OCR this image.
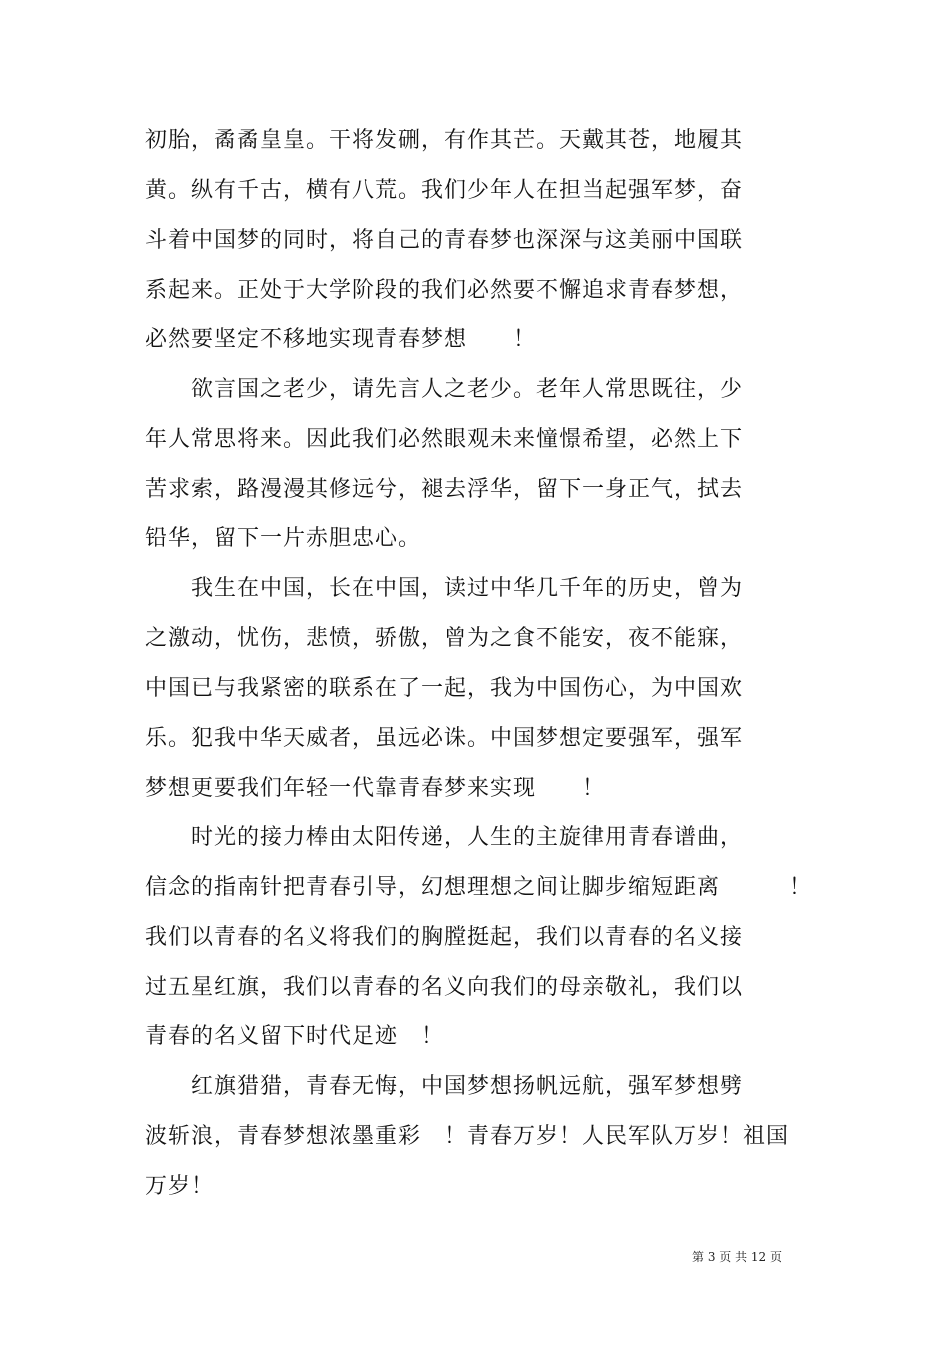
初胎，矞矞皇皇。干将发硎，有作其芒。天戴其苍，地履其
黄。纵有千古，横有八荒。我们少年人在担当起强军梦，奋
斗着中国梦的同时，将自己的青春梦也深深与这美丽中国联
系起来。正处于大学阶段的我们必然要不懈追求青春梦想，
必然要坚定不移地实现青春梦想　　！
　　欲言国之老少，请先言人之老少。老年人常思既往，少
年人常思将来。因此我们必然眼观未来憧憬希望，必然上下
苦求索，路漫漫其修远兮，褪去浮华，留下一身正气，拭去
铅华，留下一片赤胆忠心。
　　我生在中国，长在中国，读过中华几千年的历史，曾为
之激动，忧伤，悲愤，骄傲，曾为之食不能安，夜不能寐，
中国已与我紧密的联系在了一起，我为中国伤心，为中国欢
乐。犯我中华天威者，虽远必诛。中国梦想定要强军，强军
梦想更要我们年轻一代靠青春梦来实现　　！
　　时光的接力棒由太阳传递，人生的主旋律用青春谱曲，
信念的指南针把青春引导，幻想理想之间让脚步缩短距离　　　！
我们以青春的名义将我们的胸膛挺起，我们以青春的名义接
过五星红旗，我们以青春的名义向我们的母亲敬礼，我们以
青春的名义留下时代足迹　！
　　红旗猎猎，青春无悔，中国梦想扬帆远航，强军梦想劈
波斩浪，青春梦想浓墨重彩　！青春万岁！人民军队万岁！祖国
万岁！
第 3 页 共 12 页
